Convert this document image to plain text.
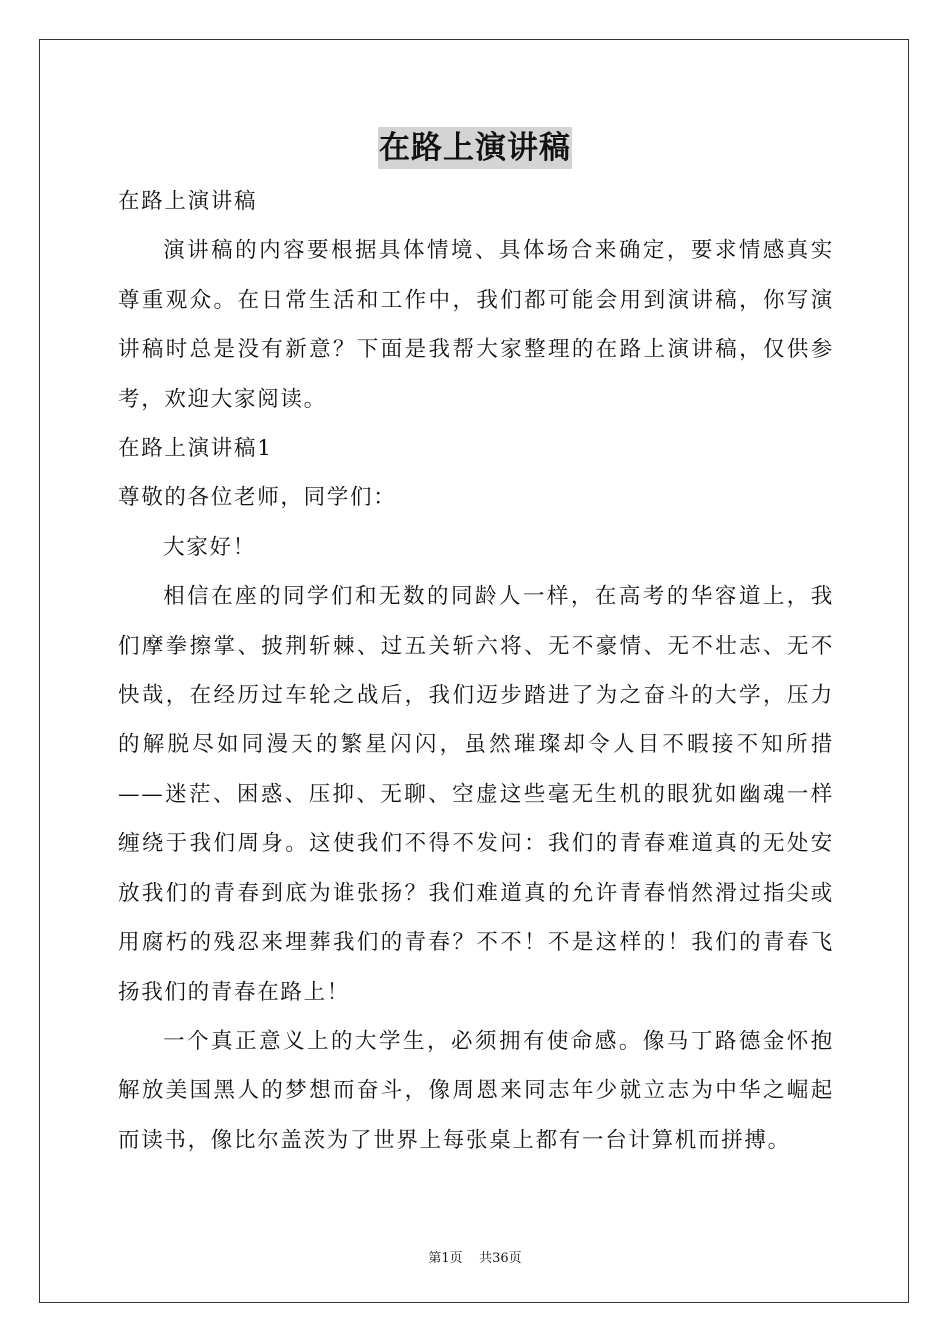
在路上演讲稿

在路上演讲稿

演讲稿的内容要根据具体情境、具体场合来确定，要求情感真实尊重观众。在日常生活和工作中，我们都可能会用到演讲稿，你写演讲稿时总是没有新意？下面是我帮大家整理的在路上演讲稿，仅供参考，欢迎大家阅读。

在路上演讲稿1

尊敬的各位老师，同学们：

大家好！

相信在座的同学们和无数的同龄人一样，在高考的华容道上，我们摩拳擦掌、披荆斩棘、过五关斩六将、无不豪情、无不壮志、无不快哉，在经历过车轮之战后，我们迈步踏进了为之奋斗的大学，压力的解脱尽如同漫天的繁星闪闪，虽然璀璨却令人目不暇接不知所措——迷茫、困惑、压抑、无聊、空虚这些毫无生机的眼犹如幽魂一样缠绕于我们周身。这使我们不得不发问：我们的青春难道真的无处安放我们的青春到底为谁张扬？我们难道真的允许青春悄然滑过指尖或用腐朽的残忍来埋葬我们的青春？不不！不是这样的！我们的青春飞扬我们的青春在路上！

一个真正意义上的大学生，必须拥有使命感。像马丁路德金怀抱解放美国黑人的梦想而奋斗，像周恩来同志年少就立志为中华之崛起而读书，像比尔盖茨为了世界上每张桌上都有一台计算机而拼搏。

第1页 共36页
